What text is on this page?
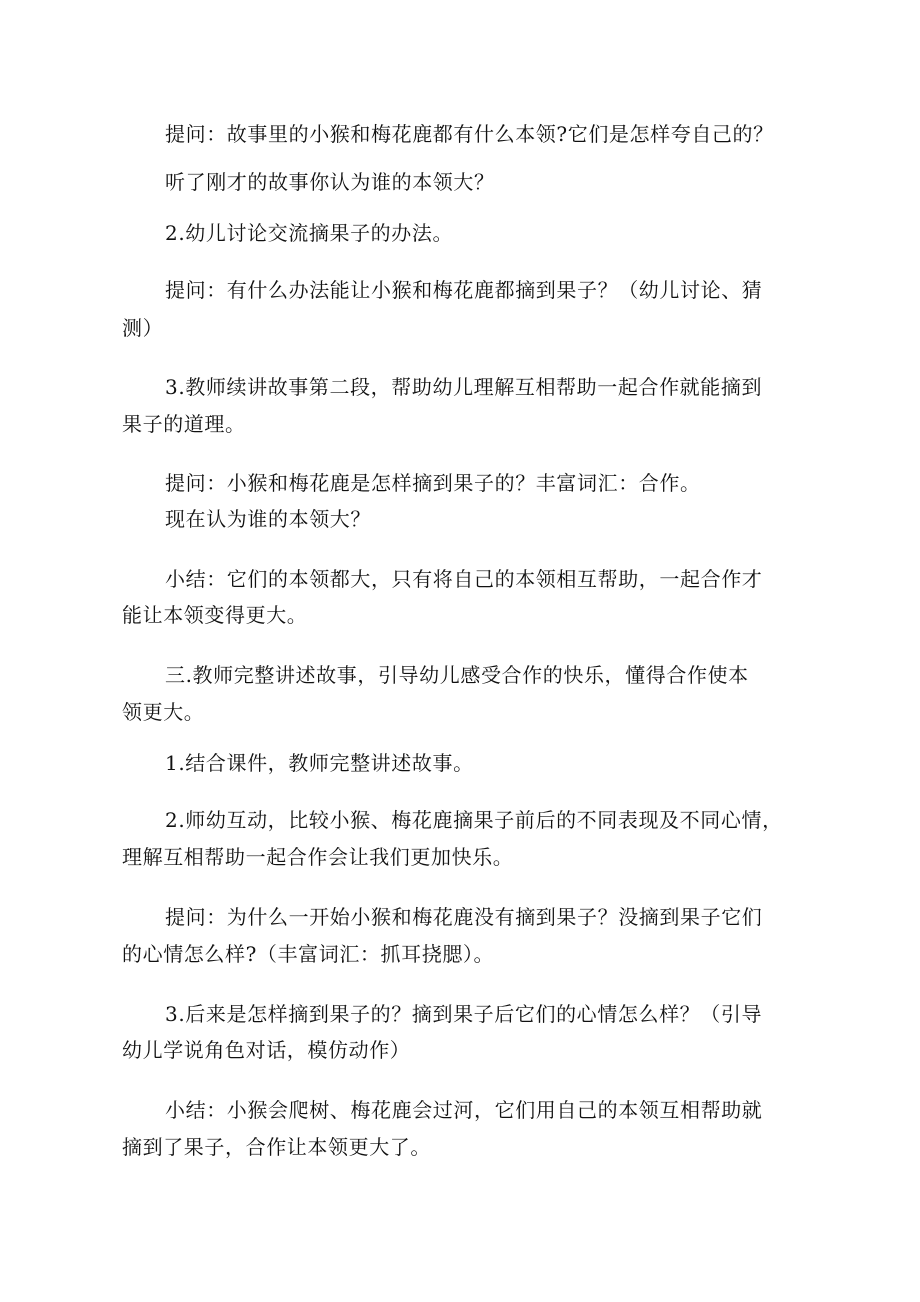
提问：故事里的小猴和梅花鹿都有什么本领?它们是怎样夸自己的？
听了刚才的故事你认为谁的本领大？
2.幼儿讨论交流摘果子的办法。
提问：有什么办法能让小猴和梅花鹿都摘到果子？（幼儿讨论、猜
测）
3.教师续讲故事第二段，帮助幼儿理解互相帮助一起合作就能摘到
果子的道理。
提问：小猴和梅花鹿是怎样摘到果子的？丰富词汇：合作。
现在认为谁的本领大？
小结：它们的本领都大，只有将自己的本领相互帮助，一起合作才
能让本领变得更大。
三.教师完整讲述故事，引导幼儿感受合作的快乐，懂得合作使本
领更大。
1.结合课件，教师完整讲述故事。
2.师幼互动，比较小猴、梅花鹿摘果子前后的不同表现及不同心情，
理解互相帮助一起合作会让我们更加快乐。
提问：为什么一开始小猴和梅花鹿没有摘到果子？没摘到果子它们
的心情怎么样?（丰富词汇：抓耳挠腮）。
3.后来是怎样摘到果子的？摘到果子后它们的心情怎么样？（引导
幼儿学说角色对话，模仿动作）
小结：小猴会爬树、梅花鹿会过河，它们用自己的本领互相帮助就
摘到了果子，合作让本领更大了。
